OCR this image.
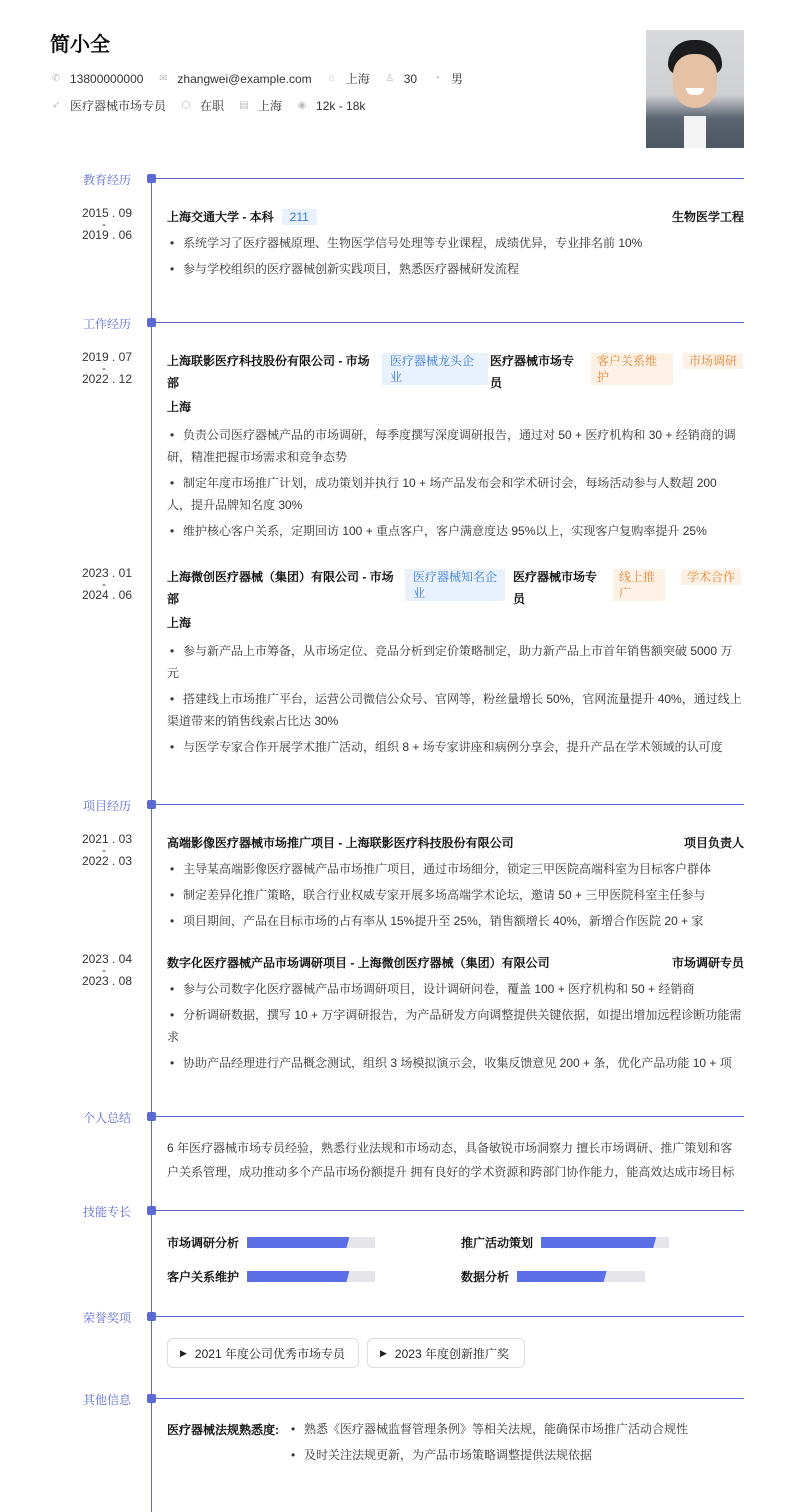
简小全
✆ 13800000000 ✉ zhangwei@example.com ⌂ 上海 ♙ 30 ◔ 男
➶ 医疗器械市场专员 ⬡ 在职 ▤ 上海 ◉ 12k - 18k
教育经历
2015 . 09
-
2019 . 06
上海交通大学 - 本科 211	生物医学工程
• 系统学习了医疗器械原理、生物医学信号处理等专业课程，成绩优异，专业排名前 10%
• 参与学校组织的医疗器械创新实践项目，熟悉医疗器械研发流程
工作经历
2019 . 07
-
2022 . 12
上海联影医疗科技股份有限公司 - 市场部
医疗器械龙头企业
医疗器械市场专员
客户关系维护
市场调研
上海
• 负责公司医疗器械产品的市场调研，每季度撰写深度调研报告，通过对 50 + 医疗机构和 30 + 经销商的调研，精准把握市场需求和竞争态势
• 制定年度市场推广计划，成功策划并执行 10 + 场产品发布会和学术研讨会，每场活动参与人数超 200 人，提升品牌知名度 30%
• 维护核心客户关系，定期回访 100 + 重点客户，客户满意度达 95%以上，实现客户复购率提升 25%
2023 . 01
-
2024 . 06
上海微创医疗器械（集团）有限公司 - 市场部
医疗器械知名企业
医疗器械市场专员
线上推广
学术合作
上海
• 参与新产品上市筹备，从市场定位、竞品分析到定价策略制定，助力新产品上市首年销售额突破 5000 万元
• 搭建线上市场推广平台，运营公司微信公众号、官网等，粉丝量增长 50%，官网流量提升 40%，通过线上渠道带来的销售线索占比达 30%
• 与医学专家合作开展学术推广活动，组织 8 + 场专家讲座和病例分享会，提升产品在学术领域的认可度
项目经历
2021 . 03
-
2022 . 03
高端影像医疗器械市场推广项目 - 上海联影医疗科技股份有限公司	项目负责人
• 主导某高端影像医疗器械产品市场推广项目，通过市场细分，锁定三甲医院高端科室为目标客户群体
• 制定差异化推广策略，联合行业权威专家开展多场高端学术论坛，邀请 50 + 三甲医院科室主任参与
• 项目期间，产品在目标市场的占有率从 15%提升至 25%，销售额增长 40%，新增合作医院 20 + 家
2023 . 04
-
2023 . 08
数字化医疗器械产品市场调研项目 - 上海微创医疗器械（集团）有限公司	市场调研专员
• 参与公司数字化医疗器械产品市场调研项目，设计调研问卷，覆盖 100 + 医疗机构和 50 + 经销商
• 分析调研数据，撰写 10 + 万字调研报告，为产品研发方向调整提供关键依据，如提出增加远程诊断功能需求
• 协助产品经理进行产品概念测试，组织 3 场模拟演示会，收集反馈意见 200 + 条，优化产品功能 10 + 项
个人总结
6 年医疗器械市场专员经验，熟悉行业法规和市场动态，具备敏锐市场洞察力 擅长市场调研、推广策划和客户关系管理，成功推动多个产品市场份额提升 拥有良好的学术资源和跨部门协作能力，能高效达成市场目标
技能专长
市场调研分析	推广活动策划
客户关系维护	数据分析
荣誉奖项
▶ 2021 年度公司优秀市场专员	▶ 2023 年度创新推广奖
其他信息
医疗器械法规熟悉度:	• 熟悉《医疗器械监督管理条例》等相关法规，能确保市场推广活动合规性
• 及时关注法规更新，为产品市场策略调整提供法规依据
